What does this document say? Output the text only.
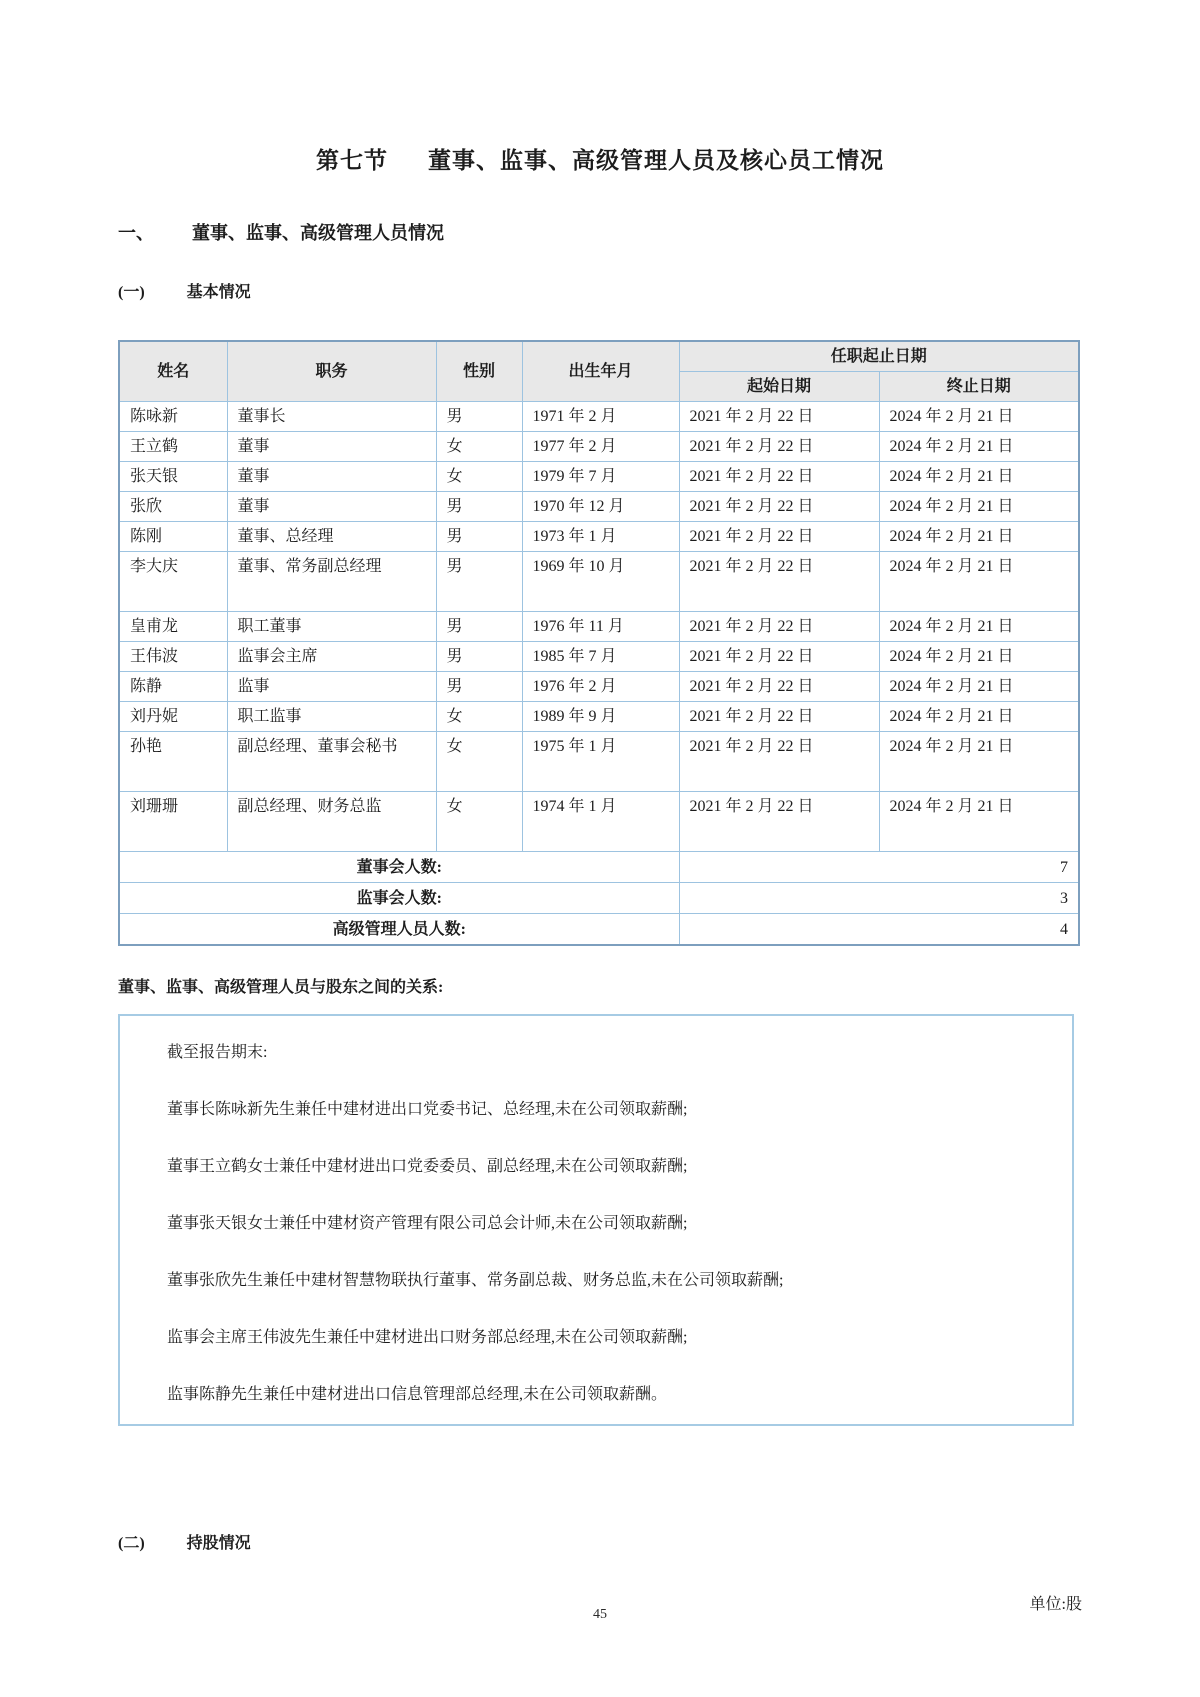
第七节 董事、监事、高级管理人员及核心员工情况
一、 董事、监事、高级管理人员情况
(一)	基本情况
姓名	职务	性别	出生年月	任职起止日期	
				起始日期	终止日期
陈咏新	董事长	男	1971 年 2 月	2021 年 2 月 22 日	2024 年 2 月 21 日
王立鹤	董事	女	1977 年 2 月	2021 年 2 月 22 日	2024 年 2 月 21 日
张天银	董事	女	1979 年 7 月	2021 年 2 月 22 日	2024 年 2 月 21 日
张欣	董事	男	1970 年 12 月	2021 年 2 月 22 日	2024 年 2 月 21 日
陈刚	董事、总经理	男	1973 年 1 月	2021 年 2 月 22 日	2024 年 2 月 21 日
李大庆	董事、常务副总经理	男	1969 年 10 月	2021 年 2 月 22 日	2024 年 2 月 21 日
皇甫龙	职工董事	男	1976 年 11 月	2021 年 2 月 22 日	2024 年 2 月 21 日
王伟波	监事会主席	男	1985 年 7 月	2021 年 2 月 22 日	2024 年 2 月 21 日
陈静	监事	男	1976 年 2 月	2021 年 2 月 22 日	2024 年 2 月 21 日
刘丹妮	职工监事	女	1989 年 9 月	2021 年 2 月 22 日	2024 年 2 月 21 日
孙艳	副总经理、董事会秘书	女	1975 年 1 月	2021 年 2 月 22 日	2024 年 2 月 21 日
刘珊珊	副总经理、财务总监	女	1974 年 1 月	2021 年 2 月 22 日	2024 年 2 月 21 日
董事会人数:				7	
监事会人数:				3	
高级管理人员人数:				4	
董事、监事、高级管理人员与股东之间的关系:

截至报告期末:

董事长陈咏新先生兼任中建材进出口党委书记、总经理,未在公司领取薪酬;

董事王立鹤女士兼任中建材进出口党委委员、副总经理,未在公司领取薪酬;

董事张天银女士兼任中建材资产管理有限公司总会计师,未在公司领取薪酬;

董事张欣先生兼任中建材智慧物联执行董事、常务副总裁、财务总监,未在公司领取薪酬;

监事会主席王伟波先生兼任中建材进出口财务部总经理,未在公司领取薪酬;

监事陈静先生兼任中建材进出口信息管理部总经理,未在公司领取薪酬。

(二)	持股情况
单位:股
45
